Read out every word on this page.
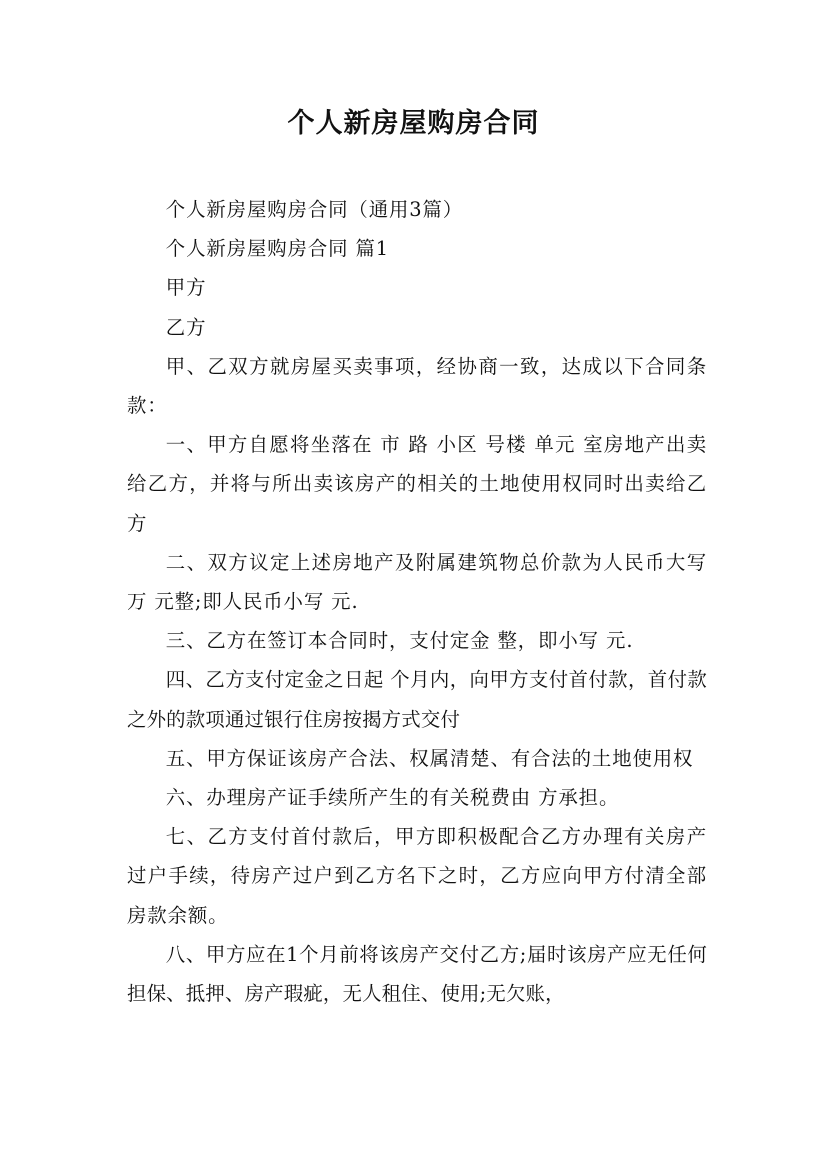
个人新房屋购房合同

个人新房屋购房合同（通用3篇）

个人新房屋购房合同 篇1

甲方

乙方

甲、乙双方就房屋买卖事项，经协商一致，达成以下合同条款：

一、甲方自愿将坐落在 市 路 小区 号楼 单元 室房地产出卖给乙方，并将与所出卖该房产的相关的土地使用权同时出卖给乙方

二、双方议定上述房地产及附属建筑物总价款为人民币大写 万 元整;即人民币小写 元.

三、乙方在签订本合同时，支付定金 整，即小写 元.

四、乙方支付定金之日起 个月内，向甲方支付首付款，首付款之外的款项通过银行住房按揭方式交付

五、甲方保证该房产合法、权属清楚、有合法的土地使用权

六、办理房产证手续所产生的有关税费由 方承担。

七、乙方支付首付款后，甲方即积极配合乙方办理有关房产过户手续，待房产过户到乙方名下之时，乙方应向甲方付清全部房款余额。

八、甲方应在1个月前将该房产交付乙方;届时该房产应无任何担保、抵押、房产瑕疵，无人租住、使用;无欠账，
